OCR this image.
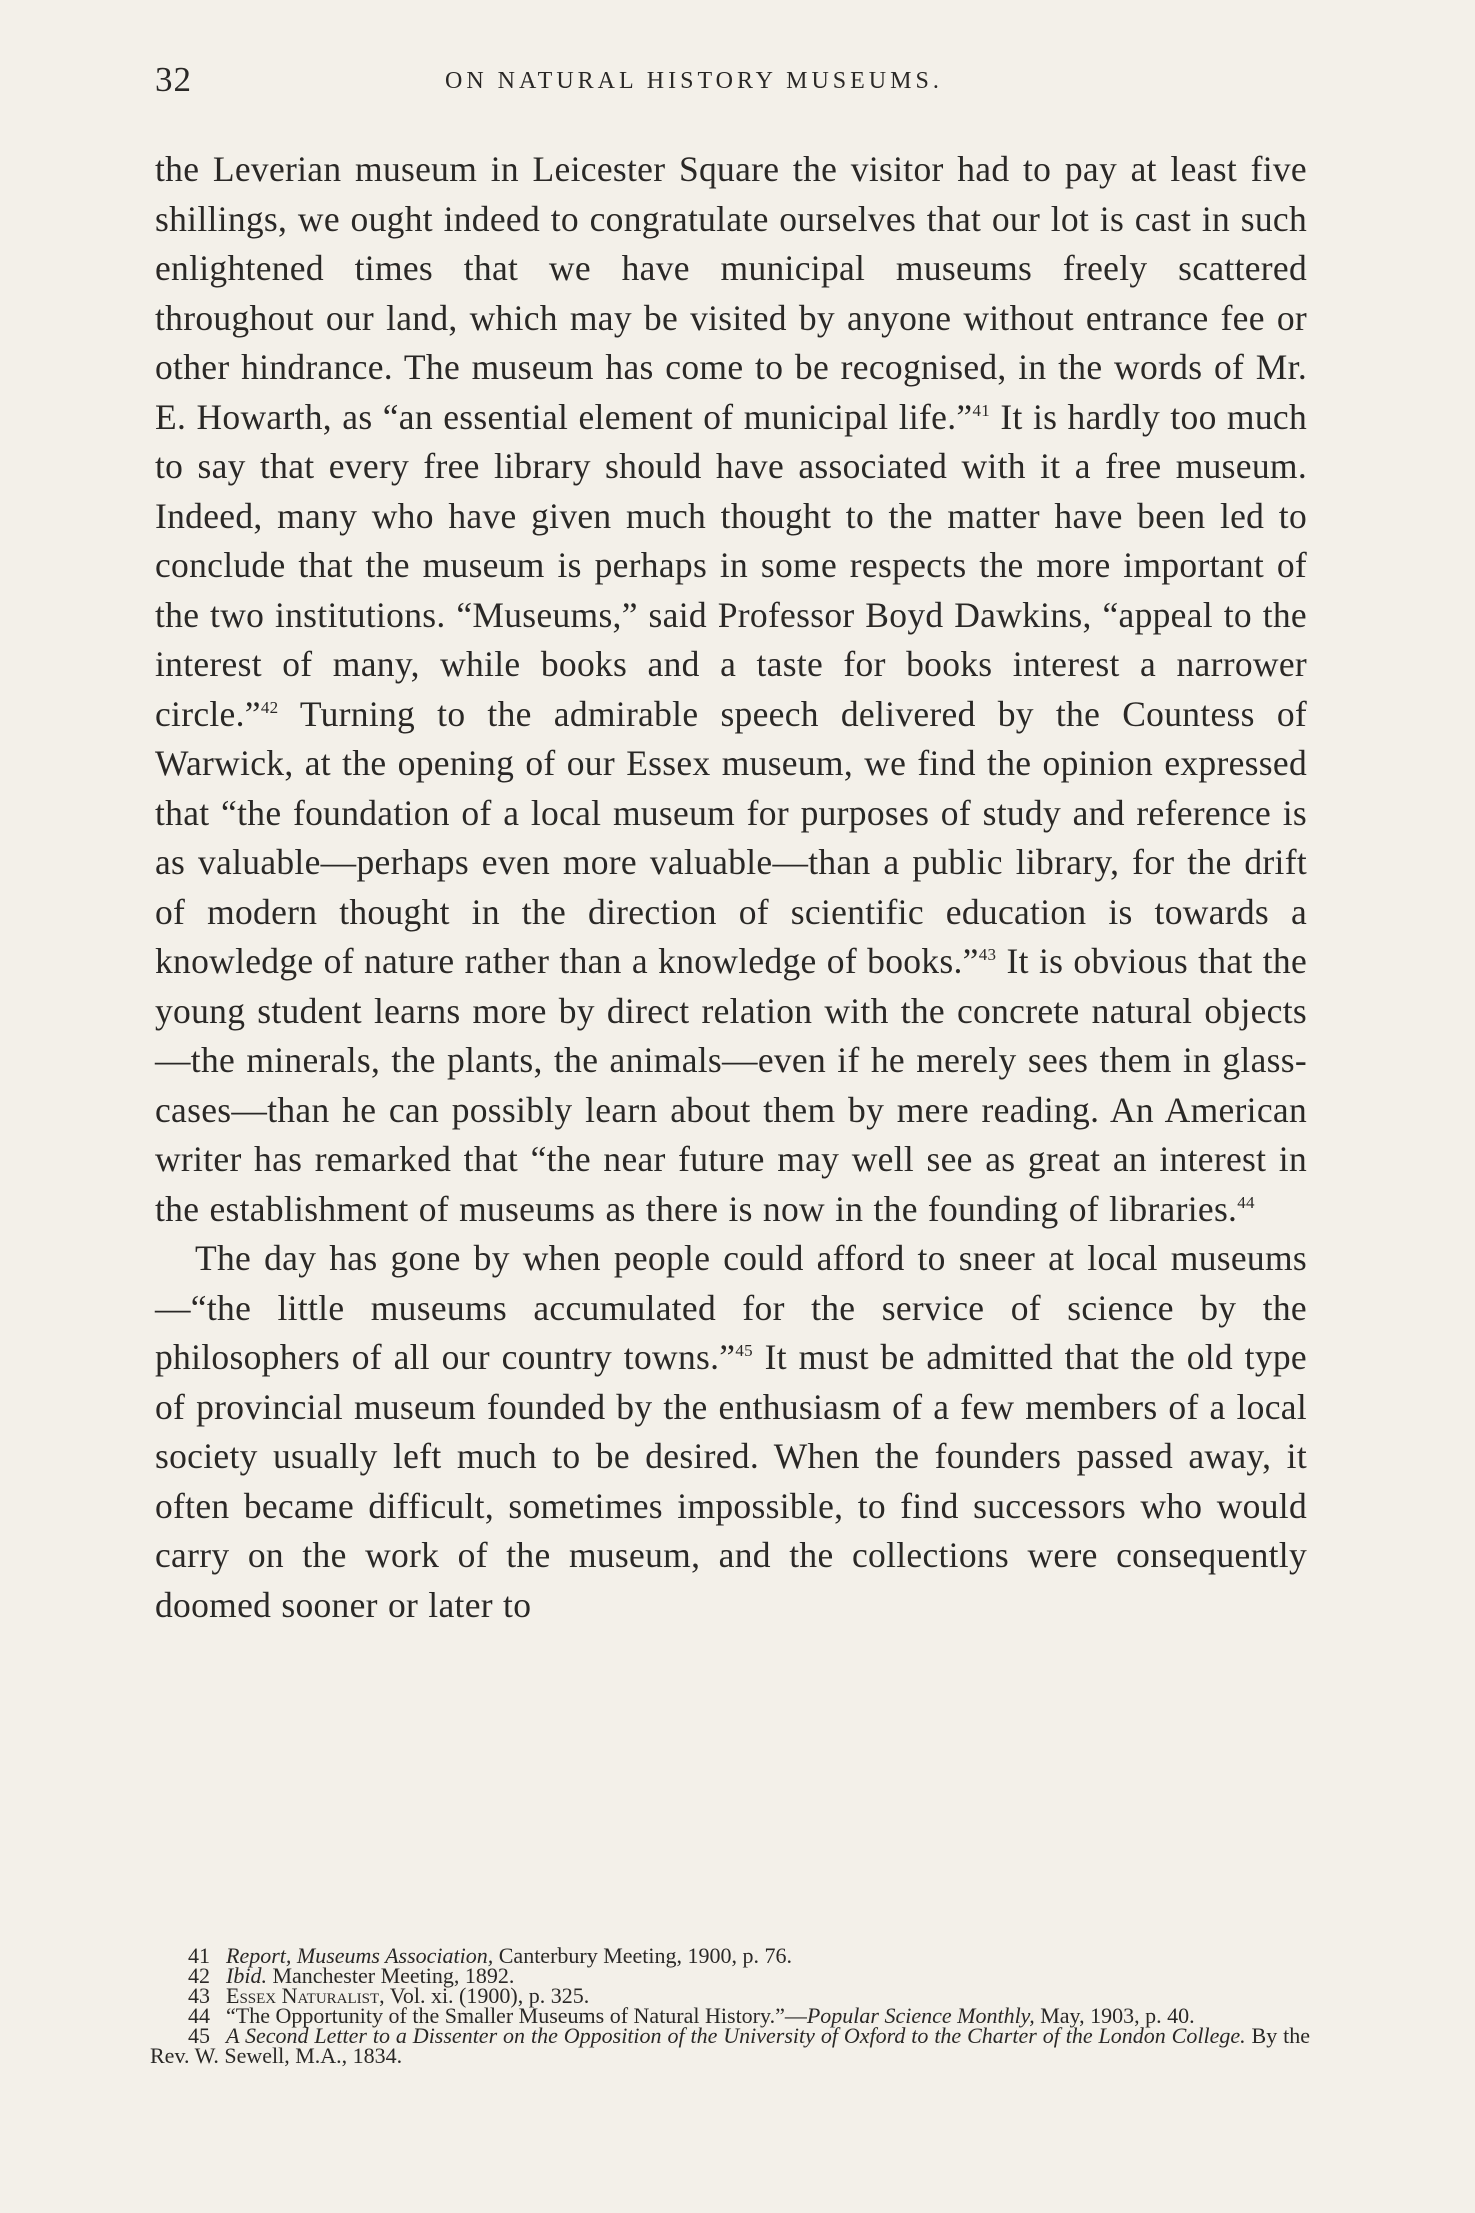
32	ON NATURAL HISTORY MUSEUMS.

the Leverian museum in Leicester Square the visitor had to pay at least five shillings, we ought indeed to congratulate ourselves that our lot is cast in such enlightened times that we have municipal museums freely scattered throughout our land, which may be visited by anyone without entrance fee or other hindrance. The museum has come to be recognised, in the words of Mr. E. Howarth, as “an essential element of municipal life.”$^{41}$ It is hardly too much to say that every free library should have associated with it a free museum. Indeed, many who have given much thought to the matter have been led to conclude that the museum is perhaps in some respects the more important of the two institutions. “Museums,” said Professor Boyd Dawkins, “appeal to the interest of many, while books and a taste for books interest a narrower circle.”$^{42}$ Turning to the admirable speech delivered by the Countess of Warwick, at the opening of our Essex museum, we find the opinion expressed that “the foundation of a local museum for purposes of study and reference is as valuable—perhaps even more valuable—than a public library, for the drift of modern thought in the direction of scientific education is towards a knowledge of nature rather than a knowledge of books.”$^{43}$ It is obvious that the young student learns more by direct relation with the concrete natural objects—the minerals, the plants, the animals—even if he merely sees them in glass-cases—than he can possibly learn about them by mere reading. An American writer has remarked that “the near future may well see as great an interest in the establishment of museums as there is now in the founding of libraries.$^{44}$

The day has gone by when people could afford to sneer at local museums—“the little museums accumulated for the service of science by the philosophers of all our country towns.”$^{45}$ It must be admitted that the old type of provincial museum founded by the enthusiasm of a few members of a local society usually left much to be desired. When the founders passed away, it often became difficult, sometimes impossible, to find successors who would carry on the work of the museum, and the collections were consequently doomed sooner or later to

41 Report, Museums Association, Canterbury Meeting, 1900, p. 76.

42 Ibid. Manchester Meeting, 1892.

43 Essex Naturalist, Vol. xi. (1900), p. 325.

44 “The Opportunity of the Smaller Museums of Natural History.”—Popular Science Monthly, May, 1903, p. 40.

45 A Second Letter to a Dissenter on the Opposition of the University of Oxford to the Charter of the London College. By the Rev. W. Sewell, M.A., 1834.
